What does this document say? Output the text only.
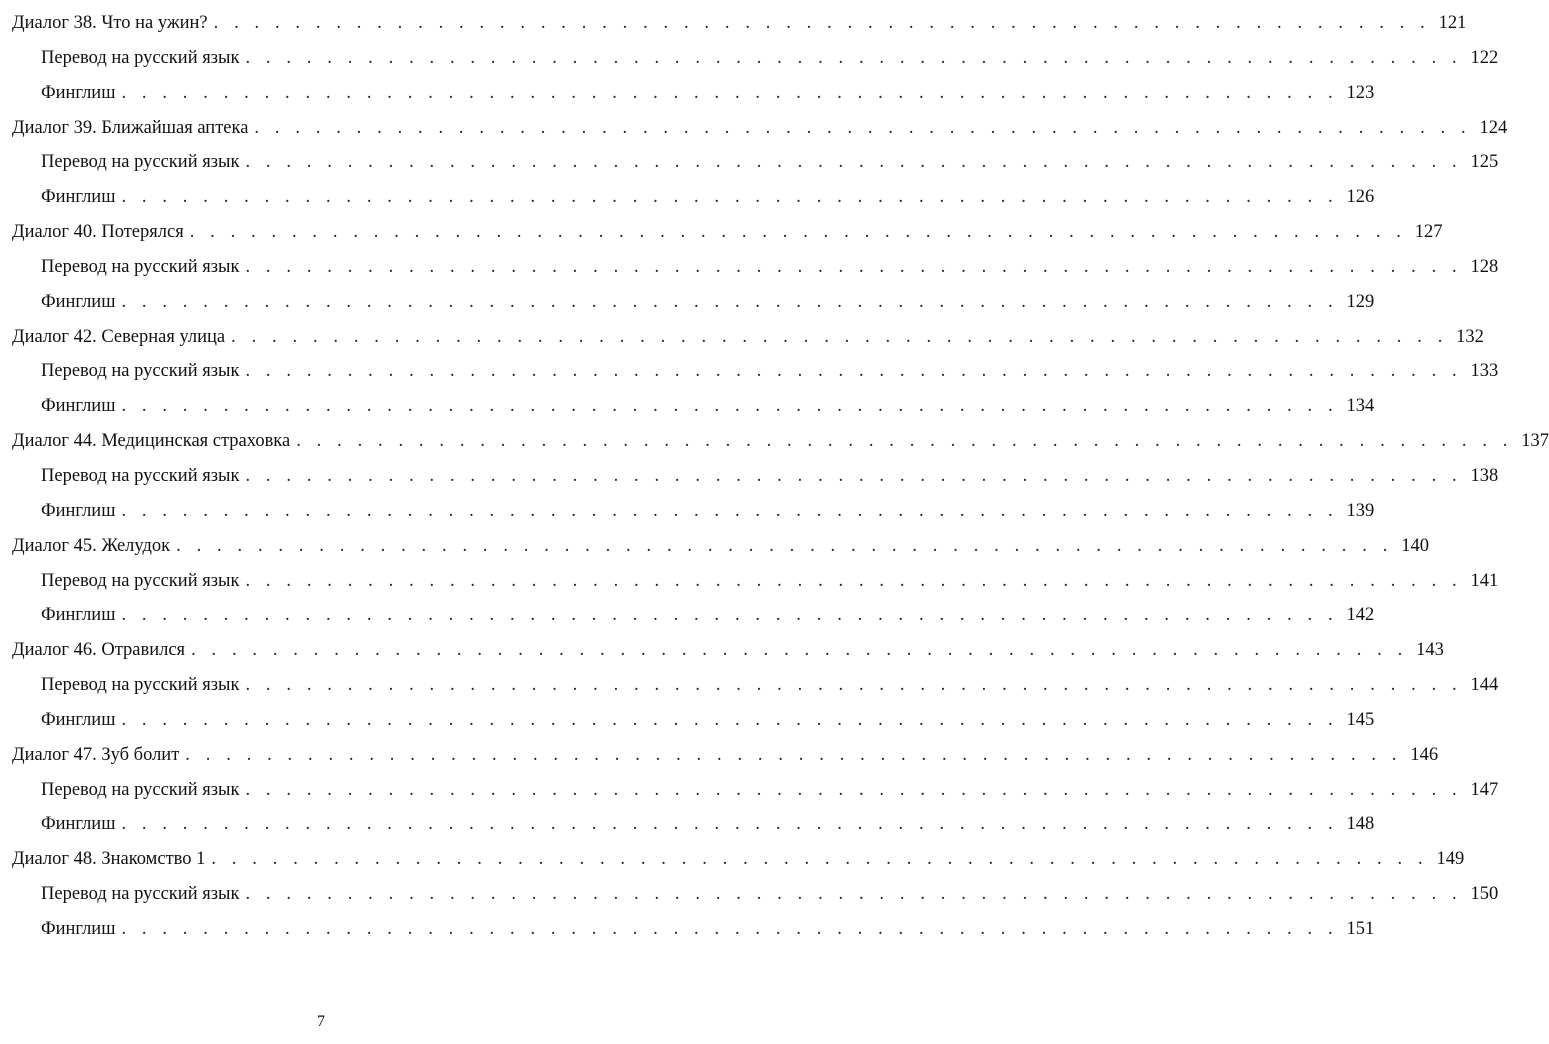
Диалог 38. Что на ужин? . . . . . . . . . . . . . . . . . . . . . . . . . . . . . . . . . . . . . . . . . . . . . . . . . . . . . . . . . . . . 121
Перевод на русский язык . . . . . . . . . . . . . . . . . . . . . . . . . . . . . . . . . . . . . . . . . . . . . . . . . . . . . . . . . . . . 122
Финглиш . . . . . . . . . . . . . . . . . . . . . . . . . . . . . . . . . . . . . . . . . . . . . . . . . . . . . . . . . . . . 123
Диалог 39. Ближайшая аптека . . . . . . . . . . . . . . . . . . . . . . . . . . . . . . . . . . . . . . . . . . . . . . . . . . . . . . . . . . . . 124
Перевод на русский язык . . . . . . . . . . . . . . . . . . . . . . . . . . . . . . . . . . . . . . . . . . . . . . . . . . . . . . . . . . . . 125
Финглиш . . . . . . . . . . . . . . . . . . . . . . . . . . . . . . . . . . . . . . . . . . . . . . . . . . . . . . . . . . . . 126
Диалог 40. Потерялся . . . . . . . . . . . . . . . . . . . . . . . . . . . . . . . . . . . . . . . . . . . . . . . . . . . . . . . . . . . . 127
Перевод на русский язык . . . . . . . . . . . . . . . . . . . . . . . . . . . . . . . . . . . . . . . . . . . . . . . . . . . . . . . . . . . . 128
Финглиш . . . . . . . . . . . . . . . . . . . . . . . . . . . . . . . . . . . . . . . . . . . . . . . . . . . . . . . . . . . . 129
Диалог 42. Северная улица . . . . . . . . . . . . . . . . . . . . . . . . . . . . . . . . . . . . . . . . . . . . . . . . . . . . . . . . . . . . 132
Перевод на русский язык . . . . . . . . . . . . . . . . . . . . . . . . . . . . . . . . . . . . . . . . . . . . . . . . . . . . . . . . . . . . 133
Финглиш . . . . . . . . . . . . . . . . . . . . . . . . . . . . . . . . . . . . . . . . . . . . . . . . . . . . . . . . . . . . 134
Диалог 44. Медицинская страховка . . . . . . . . . . . . . . . . . . . . . . . . . . . . . . . . . . . . . . . . . . . . . . . . . . . . . . . . . . . . 137
Перевод на русский язык . . . . . . . . . . . . . . . . . . . . . . . . . . . . . . . . . . . . . . . . . . . . . . . . . . . . . . . . . . . . 138
Финглиш . . . . . . . . . . . . . . . . . . . . . . . . . . . . . . . . . . . . . . . . . . . . . . . . . . . . . . . . . . . . 139
Диалог 45. Желудок . . . . . . . . . . . . . . . . . . . . . . . . . . . . . . . . . . . . . . . . . . . . . . . . . . . . . . . . . . . . 140
Перевод на русский язык . . . . . . . . . . . . . . . . . . . . . . . . . . . . . . . . . . . . . . . . . . . . . . . . . . . . . . . . . . . . 141
Финглиш . . . . . . . . . . . . . . . . . . . . . . . . . . . . . . . . . . . . . . . . . . . . . . . . . . . . . . . . . . . . 142
Диалог 46. Отравился . . . . . . . . . . . . . . . . . . . . . . . . . . . . . . . . . . . . . . . . . . . . . . . . . . . . . . . . . . . . 143
Перевод на русский язык . . . . . . . . . . . . . . . . . . . . . . . . . . . . . . . . . . . . . . . . . . . . . . . . . . . . . . . . . . . . 144
Финглиш . . . . . . . . . . . . . . . . . . . . . . . . . . . . . . . . . . . . . . . . . . . . . . . . . . . . . . . . . . . . 145
Диалог 47. Зуб болит . . . . . . . . . . . . . . . . . . . . . . . . . . . . . . . . . . . . . . . . . . . . . . . . . . . . . . . . . . . . 146
Перевод на русский язык . . . . . . . . . . . . . . . . . . . . . . . . . . . . . . . . . . . . . . . . . . . . . . . . . . . . . . . . . . . . 147
Финглиш . . . . . . . . . . . . . . . . . . . . . . . . . . . . . . . . . . . . . . . . . . . . . . . . . . . . . . . . . . . . 148
Диалог 48. Знакомство 1 . . . . . . . . . . . . . . . . . . . . . . . . . . . . . . . . . . . . . . . . . . . . . . . . . . . . . . . . . . . . 149
Перевод на русский язык . . . . . . . . . . . . . . . . . . . . . . . . . . . . . . . . . . . . . . . . . . . . . . . . . . . . . . . . . . . . 150
Финглиш . . . . . . . . . . . . . . . . . . . . . . . . . . . . . . . . . . . . . . . . . . . . . . . . . . . . . . . . . . . . 151
7
